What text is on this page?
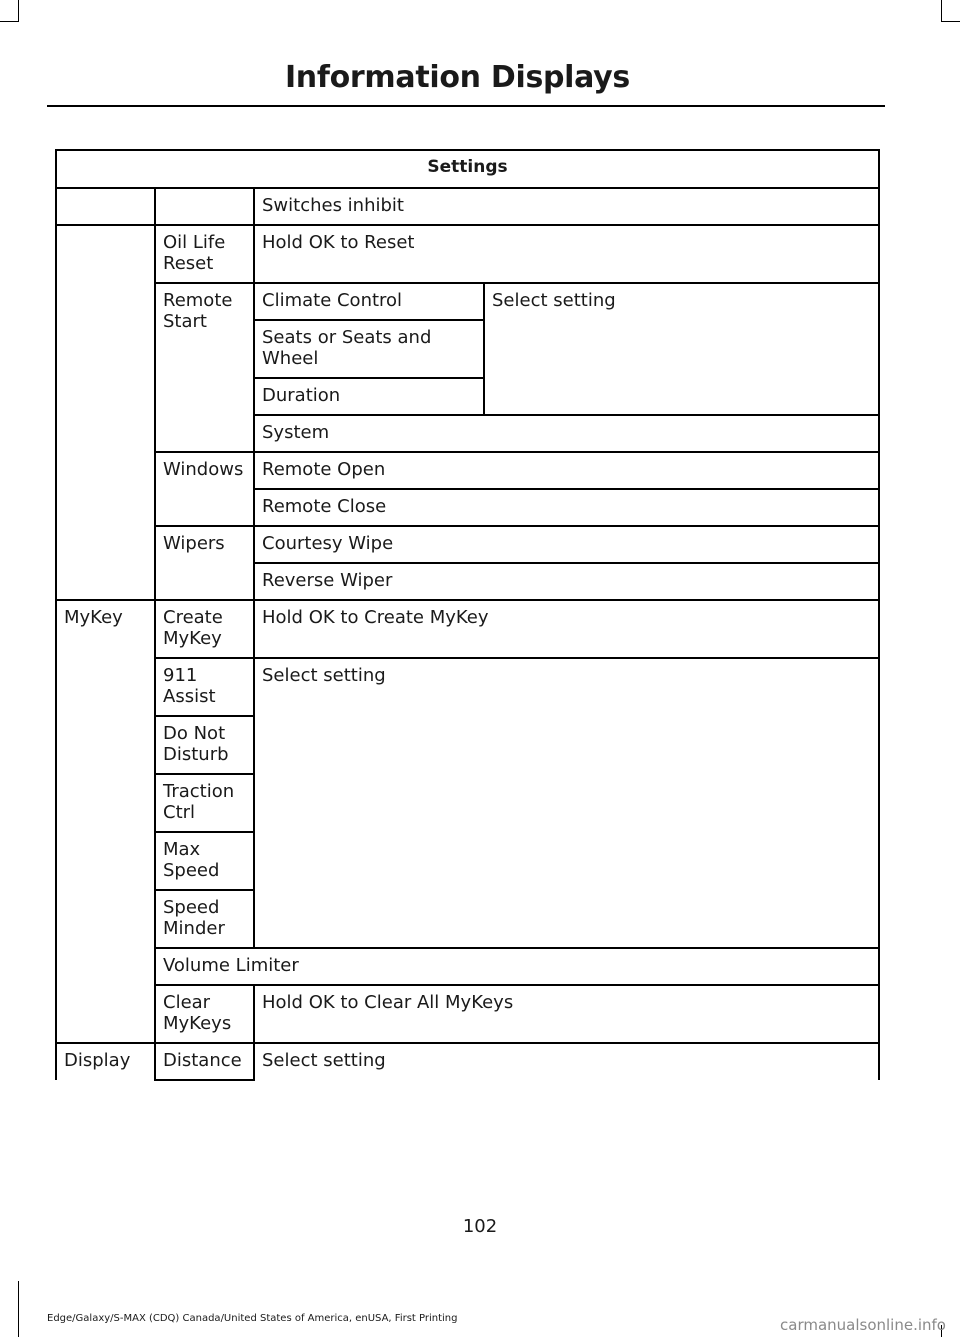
Information Displays
Settings			
		Switches inhibit	
	Oil Life Reset	Hold OK to Reset	
	Remote Start	Climate Control	Select setting
		Seats or Seats and Wheel	
		Duration	
		System	
	Windows	Remote Open	
		Remote Close	
	Wipers	Courtesy Wipe	
		Reverse Wiper	
MyKey	Create MyKey	Hold OK to Create MyKey	
	911 Assist	Select setting	
	Do Not Disturb		
	Traction Ctrl		
	Max Speed		
	Speed Minder		
	Volume Limiter		
	Clear MyKeys	Hold OK to Clear All MyKeys	
Display	Distance	Select setting	
102
Edge/Galaxy/S-MAX (CDQ) Canada/United States of America, enUSA, First Printing	carmanualsonline.info
